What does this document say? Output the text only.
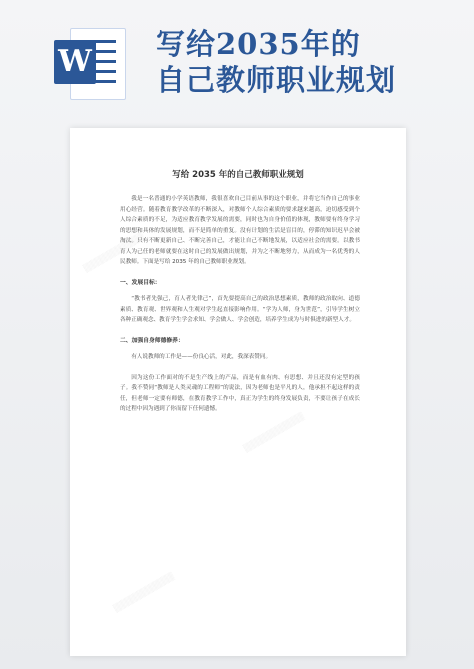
W 写给2035年的
自己教师职业规划
▒▒▒▒▒▒▒▒▒▒▒
▒▒▒▒▒▒▒▒▒▒▒
▒▒▒▒▒▒▒▒▒▒▒
写给 2035 年的自己教师职业规划

我是一名普通的小学英语教师，我很喜欢自己目前从事的这个职业，并将它当作自己的事业用心经营。随着教育教学改革的不断深入，对教师个人综合素质的要求越来越高，迫切感受到个人综合素质的不足，为适应教育教学发展的需要，同时也为自身价值的体现，教师要有终身学习的思想和具体的发展规划，而不是简单的重复。没有计划的生活是盲目的，停滞的知识迟早会被淘汰。只有不断更新自己、不断完善自己，才能让自己不断地发展，以适应社会的需要。以教书育人为己任的老师就要在这时自己的发展做出规划，并为之不断地努力，从而成为一名优秀的人民教师。下面是写给 2035 年的自己教师职业规划。

一、发展目标：

“教书者先强己，育人者先律己”，首先要提高自己的政治思想素质，教师的政治取向、道德素质、教育观、世界观和人生观对学生起直接影响作用。“学为人师，身为世范”，引导学生树立各种正确观念、教育学生学会求知、学会做人、学会创造，培养学生成为与时俱进的新型人才。

二、加强自身师德修养：

有人说教师的工作是——份良心活，对此，我深表赞同。

因为这份工作面对的不是生产线上的产品，而是有血有肉、有思想、并且还没有定型的孩子。我不赞同“教师是人类灵魂的工程师”的说法，因为老师也是平凡的人，他承担不起这样的责任，但老师一定要有师德，在教育教学工作中，真正为学生的终身发展负责，不要让孩子在成长的过程中因为遇到了你而留下任何遗憾。
